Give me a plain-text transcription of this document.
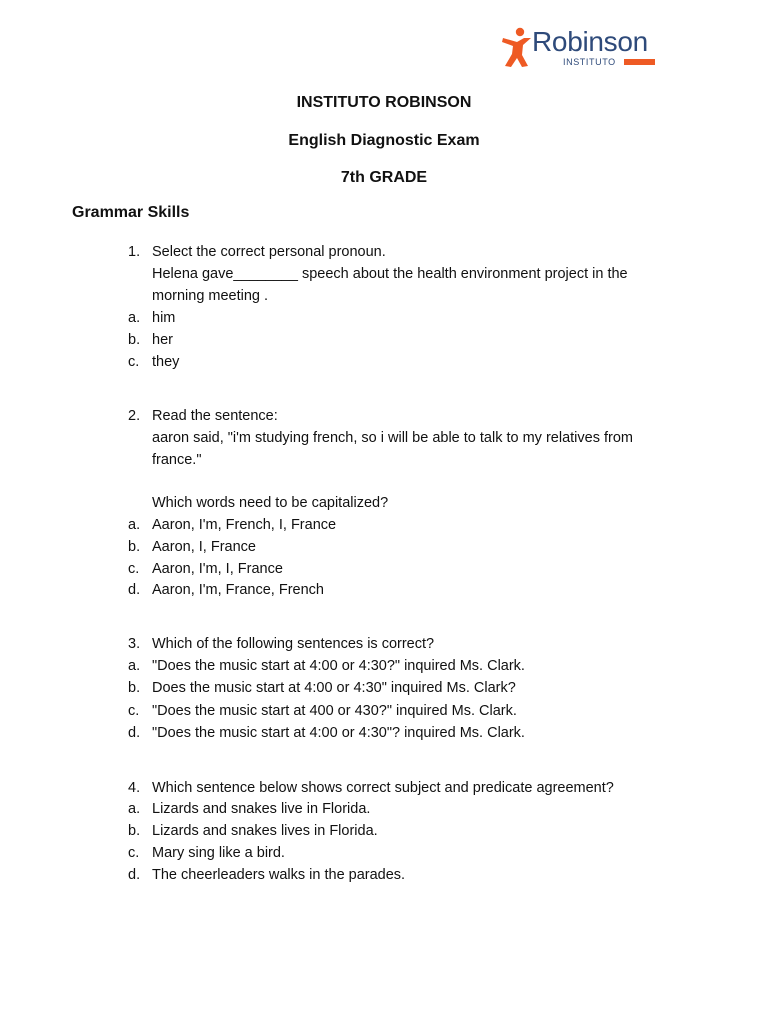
Robinson
INSTITUTO
INSTITUTO ROBINSON
English Diagnostic Exam
7th GRADE
Grammar Skills
1. Select the correct personal pronoun.
Helena gave________ speech about the health environment project in the
morning meeting .
a. him
b. her
c. they
2. Read the sentence:
aaron said, "i'm studying french, so i will be able to talk to my relatives from
france."
Which words need to be capitalized?
a. Aaron, I'm, French, I, France
b. Aaron, I, France
c. Aaron, I'm, I, France
d. Aaron, I'm, France, French
3. Which of the following sentences is correct?
a. "Does the music start at 4:00 or 4:30?" inquired Ms. Clark.
b. Does the music start at 4:00 or 4:30" inquired Ms. Clark?
c. "Does the music start at 400 or 430?" inquired Ms. Clark.
d. "Does the music start at 4:00 or 4:30"? inquired Ms. Clark.
4. Which sentence below shows correct subject and predicate agreement?
a. Lizards and snakes live in Florida.
b. Lizards and snakes lives in Florida.
c. Mary sing like a bird.
d. The cheerleaders walks in the parades.
